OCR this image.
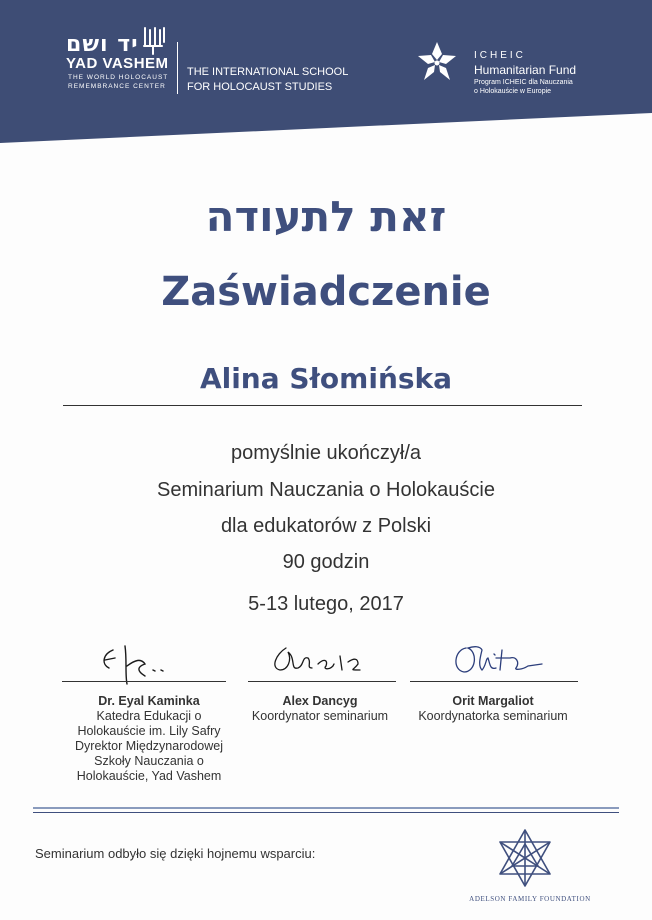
יד ושם
YAD VASHEM
THE WORLD HOLOCAUST
REMEMBRANCE CENTER
THE INTERNATIONAL SCHOOL
FOR HOLOCAUST STUDIES
ICHEIC
Humanitarian Fund
Program ICHEIC dla Nauczania
o Holokauście w Europie
זאת לתעודה
Zaświadczenie
Alina Słomińska
pomyślnie ukończył/a
Seminarium Nauczania o Holokauście
dla edukatorów z Polski
90 godzin
5-13 lutego, 2017
Dr. Eyal Kaminka
Katedra Edukacji o
Holokauście im. Lily Safry
Dyrektor Międzynarodowej
Szkoły Nauczania o
Holokauście, Yad Vashem
Alex Dancyg
Koordynator seminarium
Orit Margaliot
Koordynatorka seminarium
Seminarium odbyło się dzięki hojnemu wsparciu:
ADELSON FAMILY FOUNDATION
